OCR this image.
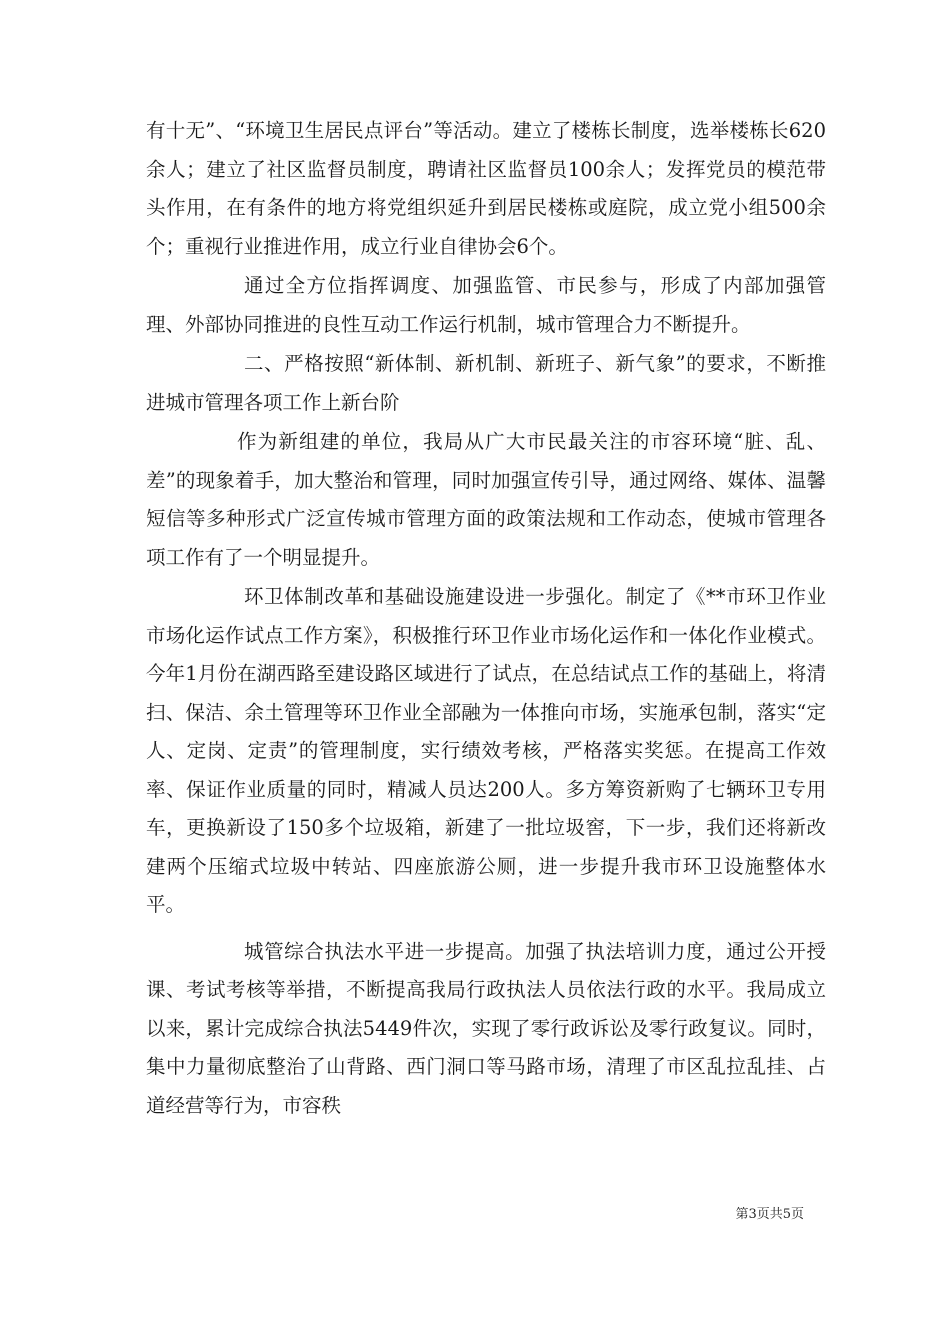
有十无”、“环境卫生居民点评台”等活动。建立了楼栋长制度，选举楼栋长620余人；建立了社区监督员制度，聘请社区监督员100余人；发挥党员的模范带头作用，在有条件的地方将党组织延升到居民楼栋或庭院，成立党小组500余个；重视行业推进作用，成立行业自律协会6个。

通过全方位指挥调度、加强监管、市民参与，形成了内部加强管理、外部协同推进的良性互动工作运行机制，城市管理合力不断提升。

二、严格按照“新体制、新机制、新班子、新气象”的要求，不断推进城市管理各项工作上新台阶

作为新组建的单位，我局从广大市民最关注的市容环境“脏、乱、差”的现象着手，加大整治和管理，同时加强宣传引导，通过网络、媒体、温馨短信等多种形式广泛宣传城市管理方面的政策法规和工作动态，使城市管理各项工作有了一个明显提升。

环卫体制改革和基础设施建设进一步强化。制定了《**市环卫作业市场化运作试点工作方案》，积极推行环卫作业市场化运作和一体化作业模式。今年1月份在湖西路至建设路区域进行了试点，在总结试点工作的基础上，将清扫、保洁、余土管理等环卫作业全部融为一体推向市场，实施承包制，落实“定人、定岗、定责”的管理制度，实行绩效考核，严格落实奖惩。在提高工作效率、保证作业质量的同时，精减人员达200人。多方筹资新购了七辆环卫专用车，更换新设了150多个垃圾箱，新建了一批垃圾窖，下一步，我们还将新改建两个压缩式垃圾中转站、四座旅游公厕，进一步提升我市环卫设施整体水平。

城管综合执法水平进一步提高。加强了执法培训力度，通过公开授课、考试考核等举措，不断提高我局行政执法人员依法行政的水平。我局成立以来，累计完成综合执法5449件次，实现了零行政诉讼及零行政复议。同时，集中力量彻底整治了山背路、西门洞口等马路市场，清理了市区乱拉乱挂、占道经营等行为，市容秩

第3页共5页
